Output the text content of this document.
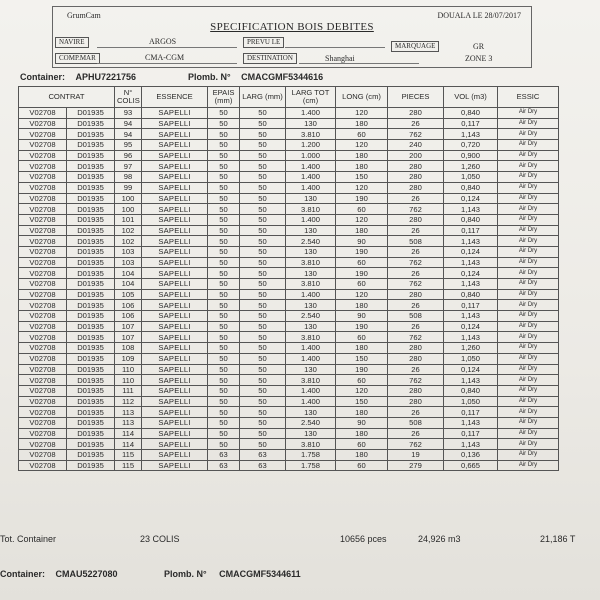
GrumCam	DOUALA LE 28/07/2017
SPECIFICATION BOIS DEBITES
NAVIRE	ARGOS	PREVU LE	MARQUAGE	GR
COMP.MAR	CMA-CGM	DESTINATION	Shanghai	ZONE 3
Container: APHU7221756	Plomb. N° CMACGMF5344616
CONTRAT		N° COLIS	ESSENCE	EPAIS (mm)	LARG (mm)	LARG TOT (cm)	LONG (cm)	PIECES	VOL (m3)	ESSIC
V02708	D01935	93	SAPELLI	50	50	1.400	120	280	0,840	Air Dry
V02708	D01935	94	SAPELLI	50	50	130	180	26	0,117	Air Dry
V02708	D01935	94	SAPELLI	50	50	3.810	60	762	1,143	Air Dry
V02708	D01935	95	SAPELLI	50	50	1.200	120	240	0,720	Air Dry
V02708	D01935	96	SAPELLI	50	50	1.000	180	200	0,900	Air Dry
V02708	D01935	97	SAPELLI	50	50	1.400	180	280	1,260	Air Dry
V02708	D01935	98	SAPELLI	50	50	1.400	150	280	1,050	Air Dry
V02708	D01935	99	SAPELLI	50	50	1.400	120	280	0,840	Air Dry
V02708	D01935	100	SAPELLI	50	50	130	190	26	0,124	Air Dry
V02708	D01935	100	SAPELLI	50	50	3.810	60	762	1,143	Air Dry
V02708	D01935	101	SAPELLI	50	50	1.400	120	280	0,840	Air Dry
V02708	D01935	102	SAPELLI	50	50	130	180	26	0,117	Air Dry
V02708	D01935	102	SAPELLI	50	50	2.540	90	508	1,143	Air Dry
V02708	D01935	103	SAPELLI	50	50	130	190	26	0,124	Air Dry
V02708	D01935	103	SAPELLI	50	50	3.810	60	762	1,143	Air Dry
V02708	D01935	104	SAPELLI	50	50	130	190	26	0,124	Air Dry
V02708	D01935	104	SAPELLI	50	50	3.810	60	762	1,143	Air Dry
V02708	D01935	105	SAPELLI	50	50	1.400	120	280	0,840	Air Dry
V02708	D01935	106	SAPELLI	50	50	130	180	26	0,117	Air Dry
V02708	D01935	106	SAPELLI	50	50	2.540	90	508	1,143	Air Dry
V02708	D01935	107	SAPELLI	50	50	130	190	26	0,124	Air Dry
V02708	D01935	107	SAPELLI	50	50	3.810	60	762	1,143	Air Dry
V02708	D01935	108	SAPELLI	50	50	1.400	180	280	1,260	Air Dry
V02708	D01935	109	SAPELLI	50	50	1.400	150	280	1,050	Air Dry
V02708	D01935	110	SAPELLI	50	50	130	190	26	0,124	Air Dry
V02708	D01935	110	SAPELLI	50	50	3.810	60	762	1,143	Air Dry
V02708	D01935	111	SAPELLI	50	50	1.400	120	280	0,840	Air Dry
V02708	D01935	112	SAPELLI	50	50	1.400	150	280	1,050	Air Dry
V02708	D01935	113	SAPELLI	50	50	130	180	26	0,117	Air Dry
V02708	D01935	113	SAPELLI	50	50	2.540	90	508	1,143	Air Dry
V02708	D01935	114	SAPELLI	50	50	130	180	26	0,117	Air Dry
V02708	D01935	114	SAPELLI	50	50	3.810	60	762	1,143	Air Dry
V02708	D01935	115	SAPELLI	63	63	1.758	180	19	0,136	Air Dry
V02708	D01935	115	SAPELLI	63	63	1.758	60	279	0,665	Air Dry
Tot. Container	23 COLIS	10656 pces	24,926 m3	21,186 T
Container: CMAU5227080	Plomb. N° CMACGMF5344611
